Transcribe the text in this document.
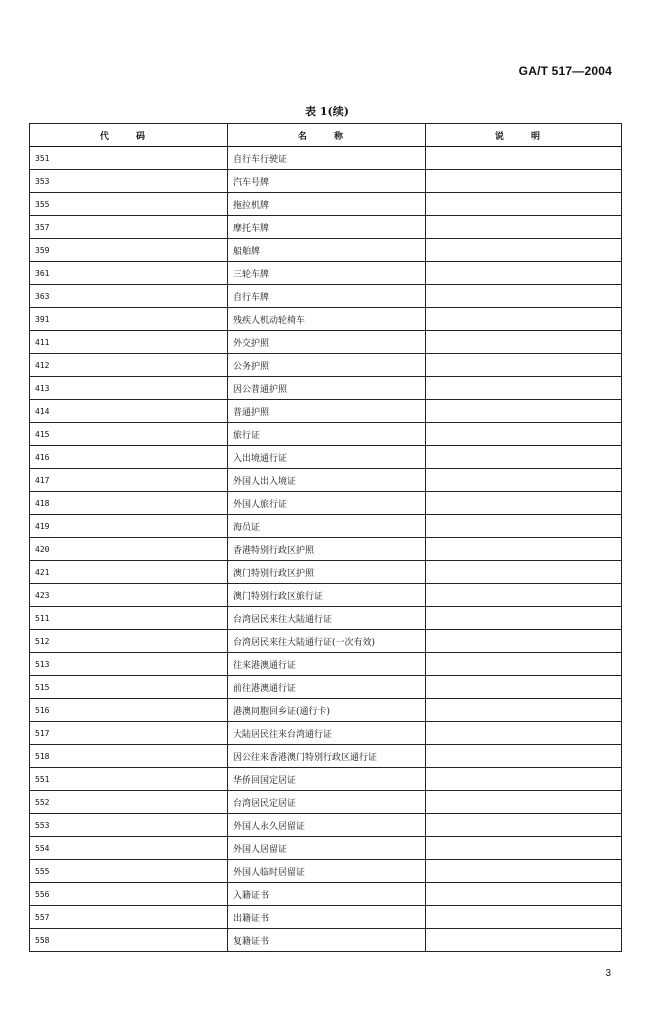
GA/T 517—2004
表 1(续)
代 码	名 称	说 明
351	自行车行驶证	
353	汽车号牌	
355	拖拉机牌	
357	摩托车牌	
359	船舶牌	
361	三轮车牌	
363	自行车牌	
391	残疾人机动轮椅车	
411	外交护照	
412	公务护照	
413	因公普通护照	
414	普通护照	
415	旅行证	
416	入出境通行证	
417	外国人出入境证	
418	外国人旅行证	
419	海员证	
420	香港特别行政区护照	
421	澳门特别行政区护照	
423	澳门特别行政区旅行证	
511	台湾居民来往大陆通行证	
512	台湾居民来往大陆通行证(一次有效)	
513	往来港澳通行证	
515	前往港澳通行证	
516	港澳同胞回乡证(通行卡)	
517	大陆居民往来台湾通行证	
518	因公往来香港澳门特别行政区通行证	
551	华侨回国定居证	
552	台湾居民定居证	
553	外国人永久居留证	
554	外国人居留证	
555	外国人临时居留证	
556	入籍证书	
557	出籍证书	
558	复籍证书	
3
